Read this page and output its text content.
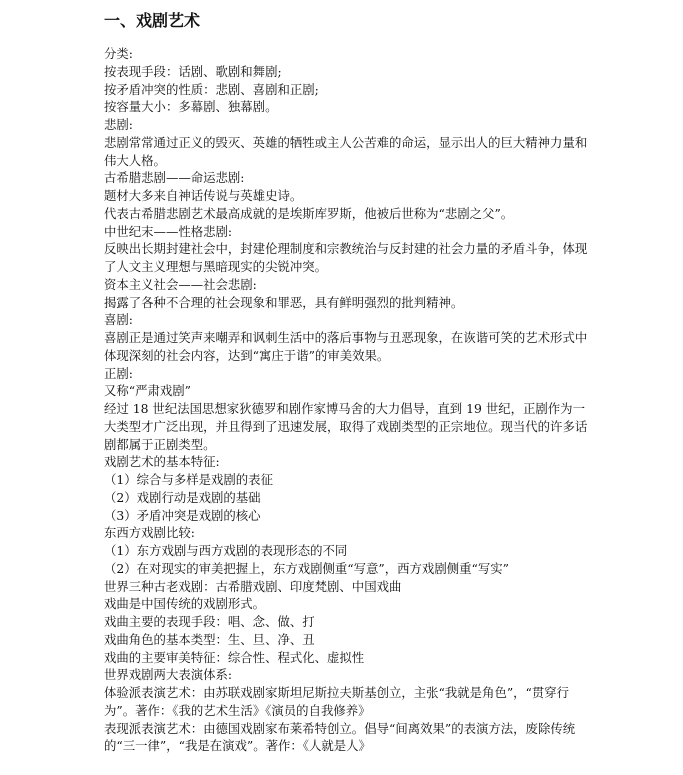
一、戏剧艺术

分类:

按表现手段：话剧、歌剧和舞剧;

按矛盾冲突的性质：悲剧、喜剧和正剧;

按容量大小：多幕剧、独幕剧。

悲剧:

悲剧常常通过正义的毁灭、英雄的牺牲或主人公苦难的命运，显示出人的巨大精神力量和伟大人格。

古希腊悲剧——命运悲剧:

题材大多来自神话传说与英雄史诗。

代表古希腊悲剧艺术最高成就的是埃斯库罗斯，他被后世称为“悲剧之父”。

中世纪末——性格悲剧:

反映出长期封建社会中，封建伦理制度和宗教统治与反封建的社会力量的矛盾斗争，体现了人文主义理想与黑暗现实的尖锐冲突。

资本主义社会——社会悲剧:

揭露了各种不合理的社会现象和罪恶，具有鲜明强烈的批判精神。

喜剧:

喜剧正是通过笑声来嘲弄和讽刺生活中的落后事物与丑恶现象，在诙谐可笑的艺术形式中体现深刻的社会内容，达到“寓庄于谐”的审美效果。

正剧:

又称“严肃戏剧”

经过 18 世纪法国思想家狄德罗和剧作家博马舍的大力倡导，直到 19 世纪，正剧作为一大类型才广泛出现，并且得到了迅速发展，取得了戏剧类型的正宗地位。现当代的许多话剧都属于正剧类型。

戏剧艺术的基本特征:

（1）综合与多样是戏剧的表征

（2）戏剧行动是戏剧的基础

（3）矛盾冲突是戏剧的核心

东西方戏剧比较:

（1）东方戏剧与西方戏剧的表现形态的不同

（2）在对现实的审美把握上，东方戏剧侧重“写意”，西方戏剧侧重“写实”

世界三种古老戏剧：古希腊戏剧、印度梵剧、中国戏曲

戏曲是中国传统的戏剧形式。

戏曲主要的表现手段：唱、念、做、打

戏曲角色的基本类型：生、旦、净、丑

戏曲的主要审美特征：综合性、程式化、虚拟性

世界戏剧两大表演体系:

体验派表演艺术：由苏联戏剧家斯坦尼斯拉夫斯基创立，主张“我就是角色”，“贯穿行为”。著作：《我的艺术生活》《演员的自我修养》

表现派表演艺术：由德国戏剧家布莱希特创立。倡导“间离效果”的表演方法，废除传统的“三一律”，“我是在演戏”。著作：《人就是人》
